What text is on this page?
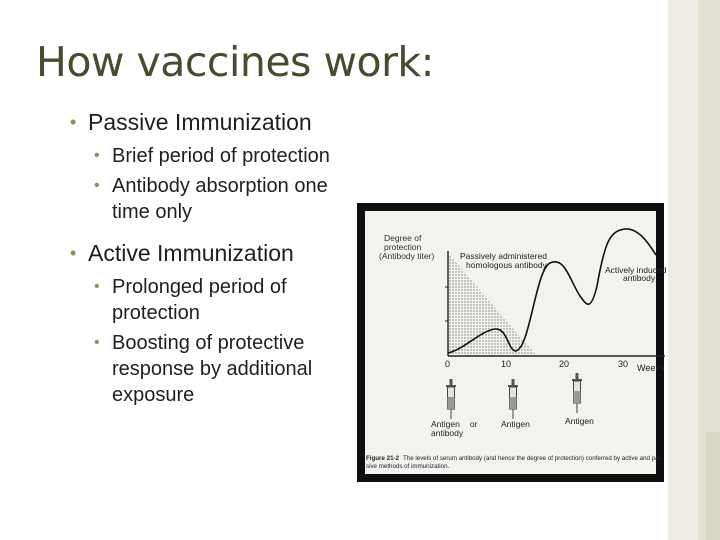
How vaccines work:
• Passive Immunization
• Brief period of protection
• Antibody absorption one time only
• Active Immunization
• Prolonged period of protection
• Boosting of protective response by additional exposure
Degree of
protection
(Antibody titer)	Passively administered
homologous antibody	Actively induced
antibody
0	10	20	30 Weeks
Antigen or
antibody
Antigen	Antigen
Figure 21-2 The levels of serum antibody (and hence the degree of protection) conferred by active and pas-
sive methods of immunization.
